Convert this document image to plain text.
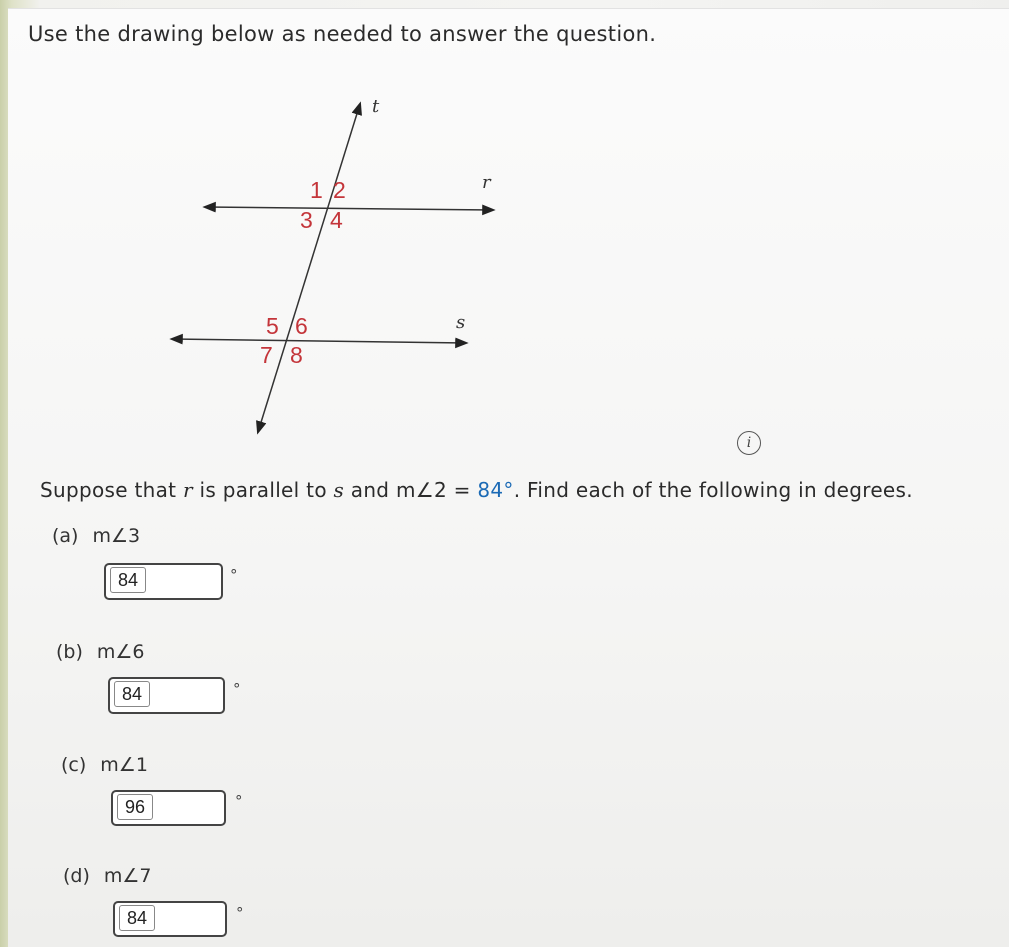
Use the drawing below as needed to answer the question.
t
r
s
1 2
3 4
5 6
7 8
i
Suppose that r is parallel to s and m∠2 = 84°. Find each of the following in degrees.
(a) m∠3
84	°
(b) m∠6
84	°
(c) m∠1
96	°
(d) m∠7
84	°
